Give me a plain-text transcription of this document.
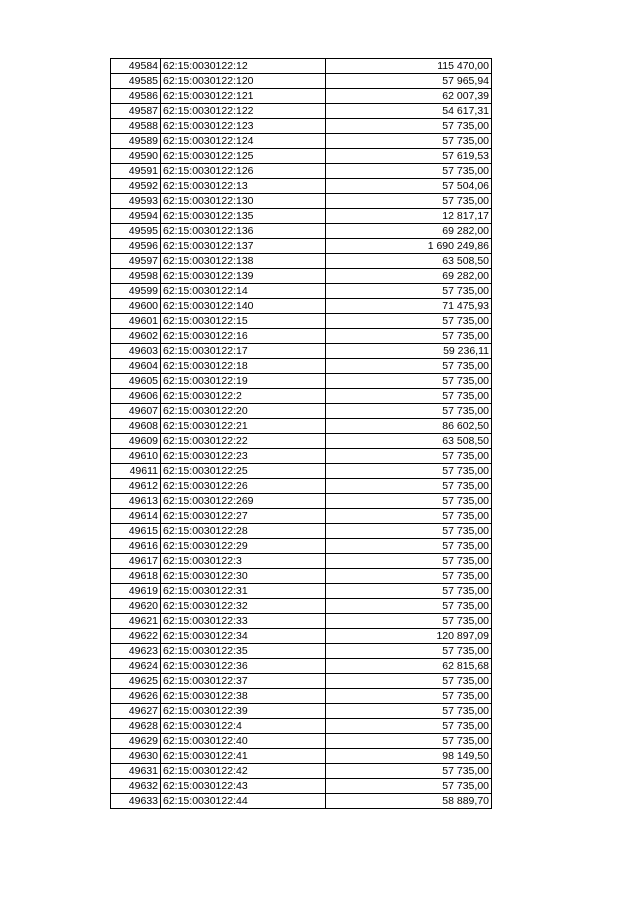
49584	62:15:0030122:12	115 470,00
49585	62:15:0030122:120	57 965,94
49586	62:15:0030122:121	62 007,39
49587	62:15:0030122:122	54 617,31
49588	62:15:0030122:123	57 735,00
49589	62:15:0030122:124	57 735,00
49590	62:15:0030122:125	57 619,53
49591	62:15:0030122:126	57 735,00
49592	62:15:0030122:13	57 504,06
49593	62:15:0030122:130	57 735,00
49594	62:15:0030122:135	12 817,17
49595	62:15:0030122:136	69 282,00
49596	62:15:0030122:137	1 690 249,86
49597	62:15:0030122:138	63 508,50
49598	62:15:0030122:139	69 282,00
49599	62:15:0030122:14	57 735,00
49600	62:15:0030122:140	71 475,93
49601	62:15:0030122:15	57 735,00
49602	62:15:0030122:16	57 735,00
49603	62:15:0030122:17	59 236,11
49604	62:15:0030122:18	57 735,00
49605	62:15:0030122:19	57 735,00
49606	62:15:0030122:2	57 735,00
49607	62:15:0030122:20	57 735,00
49608	62:15:0030122:21	86 602,50
49609	62:15:0030122:22	63 508,50
49610	62:15:0030122:23	57 735,00
49611	62:15:0030122:25	57 735,00
49612	62:15:0030122:26	57 735,00
49613	62:15:0030122:269	57 735,00
49614	62:15:0030122:27	57 735,00
49615	62:15:0030122:28	57 735,00
49616	62:15:0030122:29	57 735,00
49617	62:15:0030122:3	57 735,00
49618	62:15:0030122:30	57 735,00
49619	62:15:0030122:31	57 735,00
49620	62:15:0030122:32	57 735,00
49621	62:15:0030122:33	57 735,00
49622	62:15:0030122:34	120 897,09
49623	62:15:0030122:35	57 735,00
49624	62:15:0030122:36	62 815,68
49625	62:15:0030122:37	57 735,00
49626	62:15:0030122:38	57 735,00
49627	62:15:0030122:39	57 735,00
49628	62:15:0030122:4	57 735,00
49629	62:15:0030122:40	57 735,00
49630	62:15:0030122:41	98 149,50
49631	62:15:0030122:42	57 735,00
49632	62:15:0030122:43	57 735,00
49633	62:15:0030122:44	58 889,70
